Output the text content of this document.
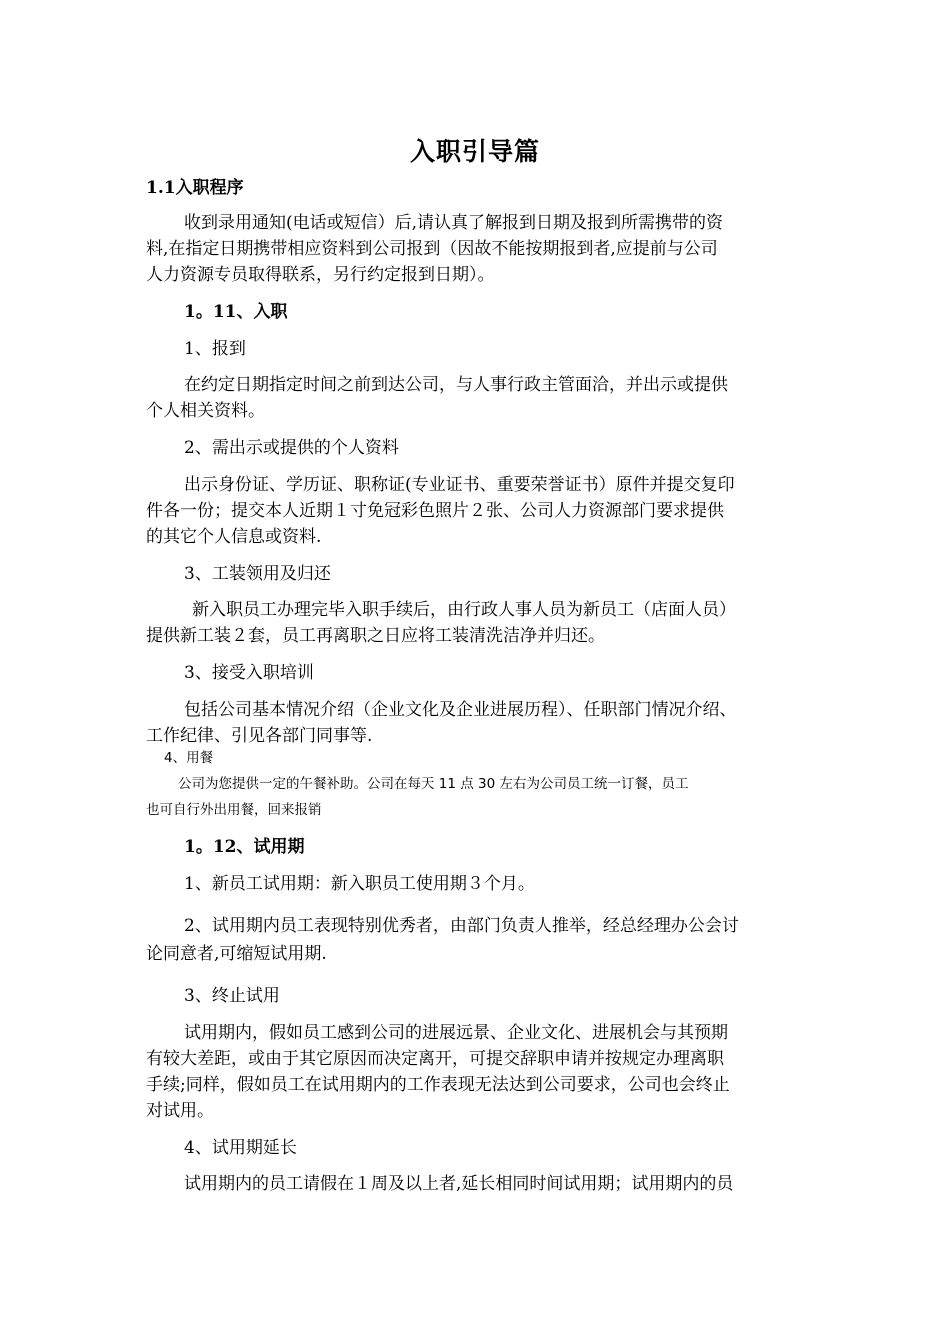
入职引导篇
1.1入职程序
收到录用通知(电话或短信）后,请认真了解报到日期及报到所需携带的资
料,在指定日期携带相应资料到公司报到（因故不能按期报到者,应提前与公司
人力资源专员取得联系，另行约定报到日期）。
1。11、入职
1、报到
在约定日期指定时间之前到达公司，与人事行政主管面洽，并出示或提供
个人相关资料。
2、需出示或提供的个人资料
出示身份证、学历证、职称证(专业证书、重要荣誉证书）原件并提交复印
件各一份；提交本人近期１寸免冠彩色照片２张、公司人力资源部门要求提供
的其它个人信息或资料.
3、工装领用及归还
新入职员工办理完毕入职手续后，由行政人事人员为新员工（店面人员）
提供新工装２套，员工再离职之日应将工装清洗洁净并归还。
3、接受入职培训
包括公司基本情况介绍（企业文化及企业进展历程）、任职部门情况介绍、
工作纪律、引见各部门同事等.
4、用餐
公司为您提供一定的午餐补助。公司在每天 11 点 30 左右为公司员工统一订餐，员工
也可自行外出用餐，回来报销
1。12、试用期
1、新员工试用期：新入职员工使用期３个月。
2、试用期内员工表现特别优秀者，由部门负责人推举，经总经理办公会讨
论同意者,可缩短试用期.
3、终止试用
试用期内，假如员工感到公司的进展远景、企业文化、进展机会与其预期
有较大差距，或由于其它原因而决定离开，可提交辞职申请并按规定办理离职
手续;同样，假如员工在试用期内的工作表现无法达到公司要求，公司也会终止
对试用。
4、试用期延长
试用期内的员工请假在１周及以上者,延长相同时间试用期；试用期内的员
